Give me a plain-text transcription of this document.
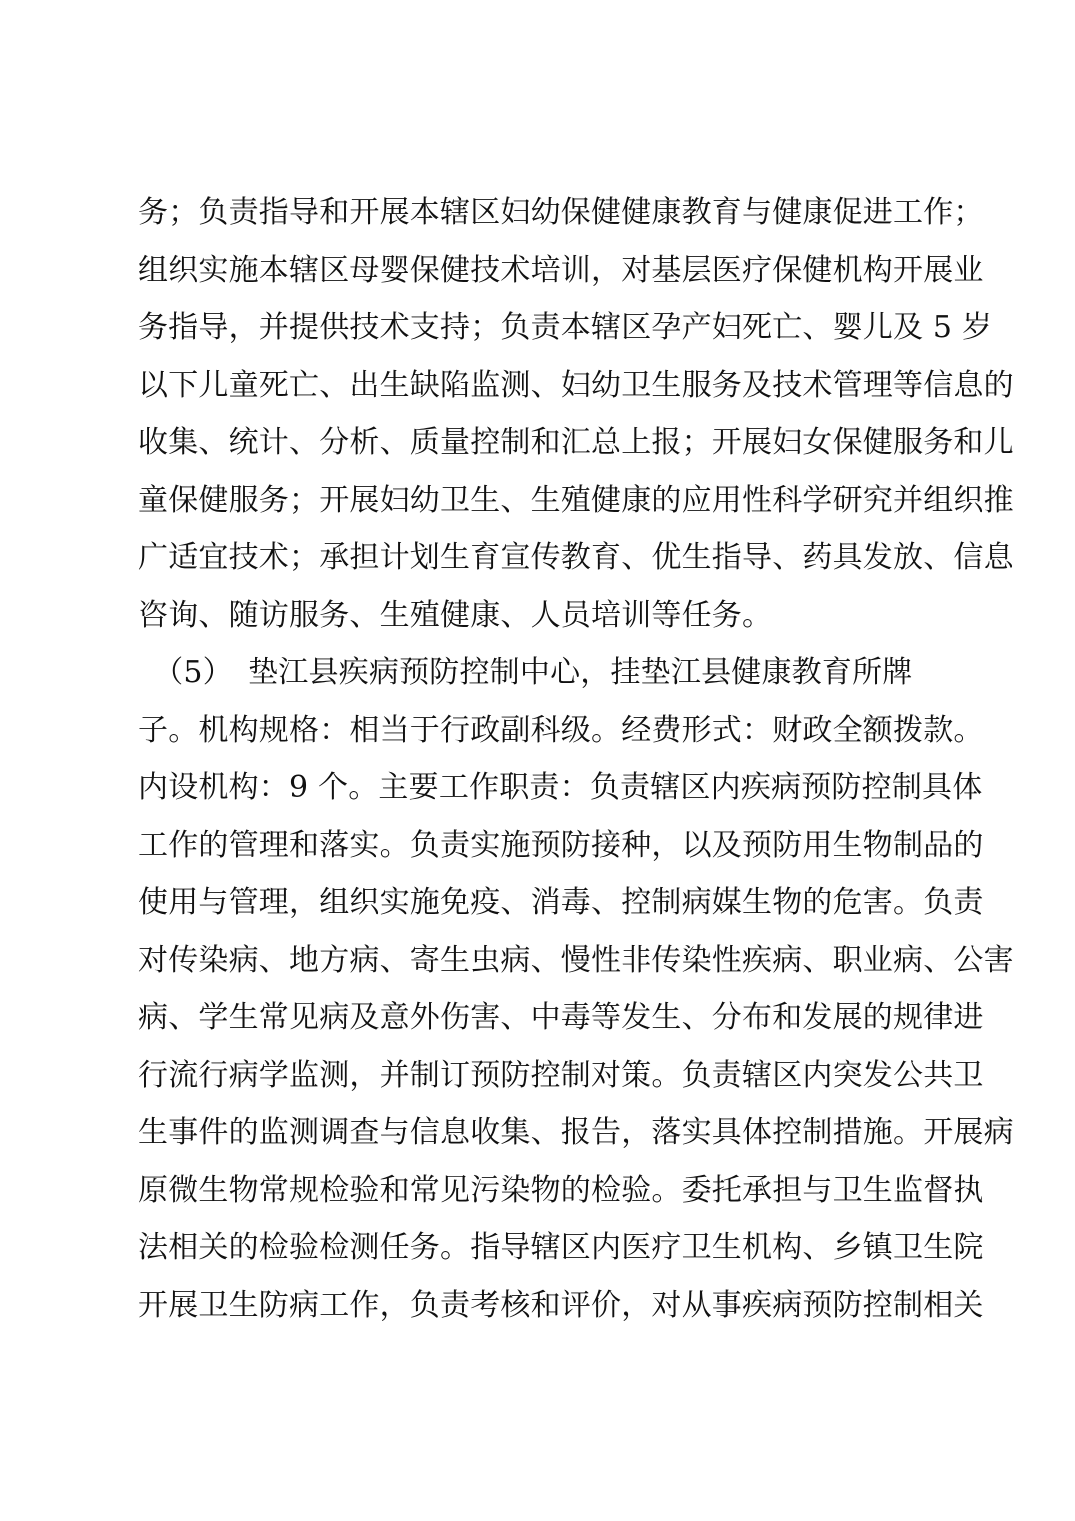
务；负责指导和开展本辖区妇幼保健健康教育与健康促进工作；
组织实施本辖区母婴保健技术培训，对基层医疗保健机构开展业
务指导，并提供技术支持；负责本辖区孕产妇死亡、婴儿及 5 岁
以下儿童死亡、出生缺陷监测、妇幼卫生服务及技术管理等信息的
收集、统计、分析、质量控制和汇总上报；开展妇女保健服务和儿
童保健服务；开展妇幼卫生、生殖健康的应用性科学研究并组织推
广适宜技术；承担计划生育宣传教育、优生指导、药具发放、信息
咨询、随访服务、生殖健康、人员培训等任务。
　（5）　垫江县疾病预防控制中心，挂垫江县健康教育所牌
子。机构规格：相当于行政副科级。经费形式：财政全额拨款。
内设机构：9 个。主要工作职责：负责辖区内疾病预防控制具体
工作的管理和落实。负责实施预防接种，以及预防用生物制品的
使用与管理，组织实施免疫、消毒、控制病媒生物的危害。负责
对传染病、地方病、寄生虫病、慢性非传染性疾病、职业病、公害
病、学生常见病及意外伤害、中毒等发生、分布和发展的规律进
行流行病学监测，并制订预防控制对策。负责辖区内突发公共卫
生事件的监测调查与信息收集、报告，落实具体控制措施。开展病
原微生物常规检验和常见污染物的检验。委托承担与卫生监督执
法相关的检验检测任务。指导辖区内医疗卫生机构、乡镇卫生院
开展卫生防病工作，负责考核和评价，对从事疾病预防控制相关
